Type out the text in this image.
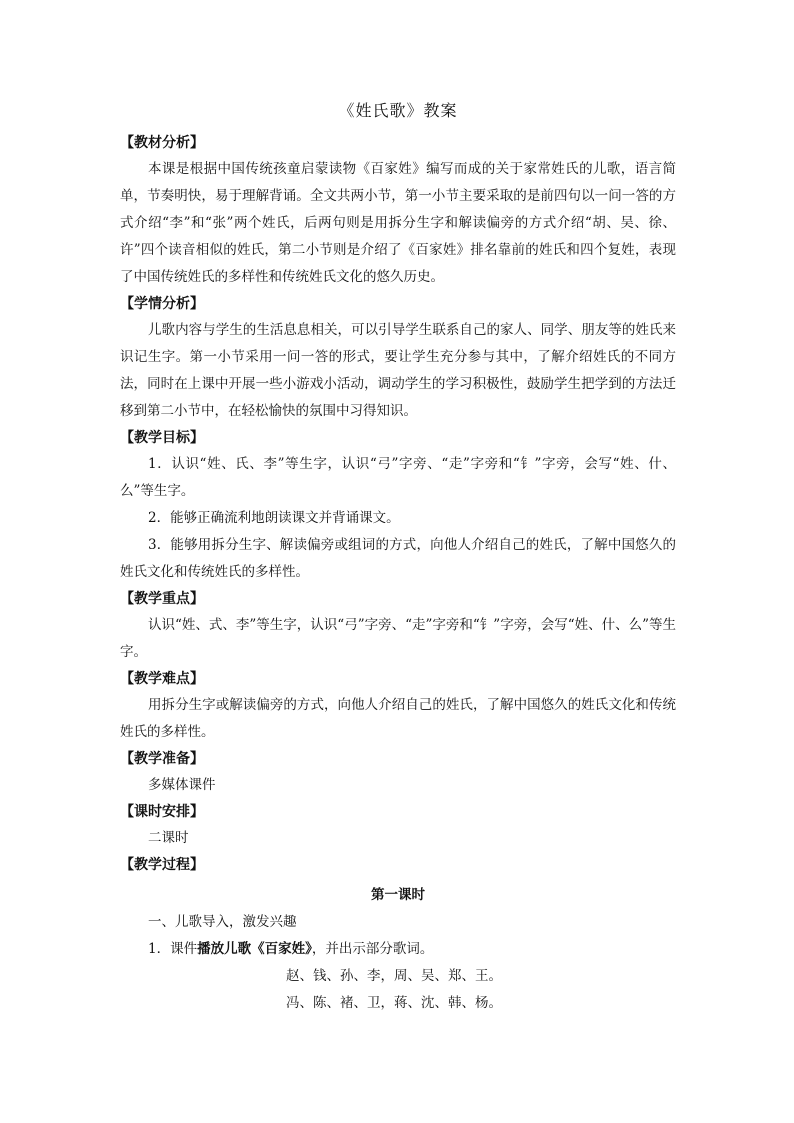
《姓氏歌》教案

【教材分析】

本课是根据中国传统孩童启蒙读物《百家姓》编写而成的关于家常姓氏的儿歌，语言简单，节奏明快，易于理解背诵。全文共两小节，第一小节主要采取的是前四句以一问一答的方式介绍“李”和“张”两个姓氏，后两句则是用拆分生字和解读偏旁的方式介绍“胡、吴、徐、许”四个读音相似的姓氏，第二小节则是介绍了《百家姓》排名靠前的姓氏和四个复姓，表现了中国传统姓氏的多样性和传统姓氏文化的悠久历史。

【学情分析】

儿歌内容与学生的生活息息相关，可以引导学生联系自己的家人、同学、朋友等的姓氏来识记生字。第一小节采用一问一答的形式，要让学生充分参与其中，了解介绍姓氏的不同方法，同时在上课中开展一些小游戏小活动，调动学生的学习积极性，鼓励学生把学到的方法迁移到第二小节中，在轻松愉快的氛围中习得知识。

【教学目标】

1．认识“姓、氏、李”等生字，认识“弓”字旁、“走”字旁和“钅”字旁，会写“姓、什、么”等生字。

2．能够正确流利地朗读课文并背诵课文。

3．能够用拆分生字、解读偏旁或组词的方式，向他人介绍自己的姓氏，了解中国悠久的姓氏文化和传统姓氏的多样性。

【教学重点】

认识“姓、式、李”等生字，认识“弓”字旁、“走”字旁和“钅”字旁，会写“姓、什、么”等生字。

【教学难点】

用拆分生字或解读偏旁的方式，向他人介绍自己的姓氏，了解中国悠久的姓氏文化和传统姓氏的多样性。

【教学准备】

多媒体课件

【课时安排】

二课时

【教学过程】

第一课时

一、儿歌导入，激发兴趣

1．课件播放儿歌《百家姓》，并出示部分歌词。

赵、钱、孙、李，周、吴、郑、王。

冯、陈、褚、卫，蒋、沈、韩、杨。
